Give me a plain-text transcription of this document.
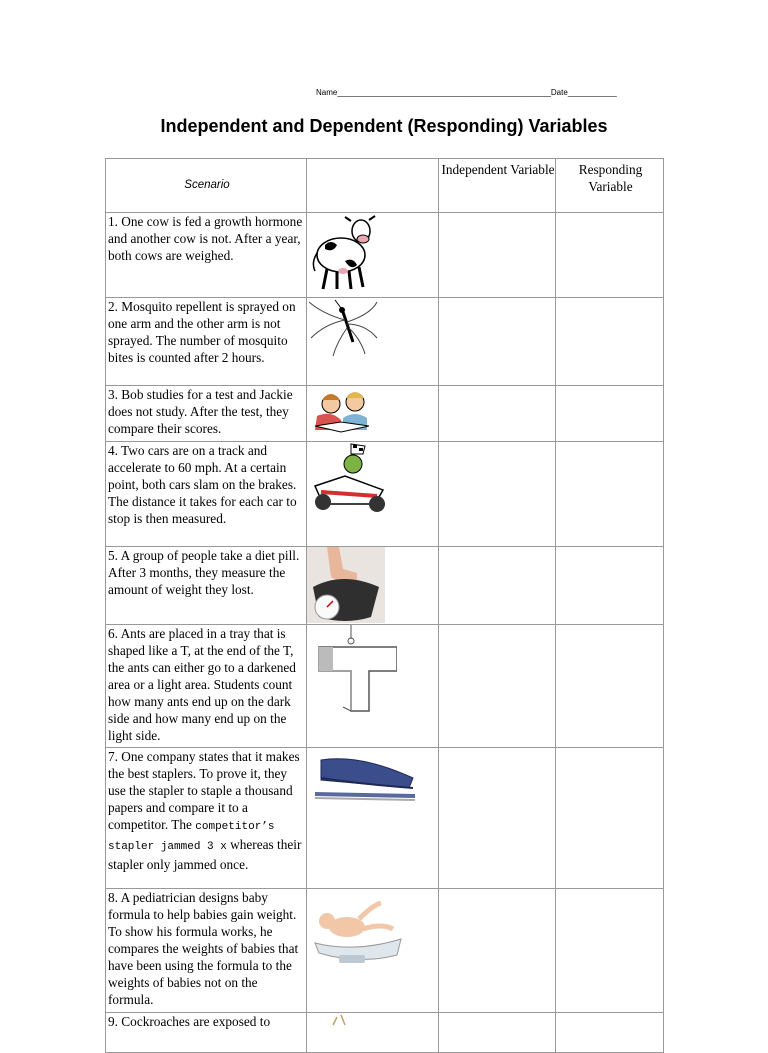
Name________________________________________________Date___________
Independent and Dependent (Responding) Variables
Scenario		Independent Variable	Responding Variable
1. One cow is fed a growth hormone and another cow is not. After a year, both cows are weighed.	

2. Mosquito repellent is sprayed on one arm and the other arm is not sprayed. The number of mosquito bites is counted after 2 hours.	

3. Bob studies for a test and Jackie does not study. After the test, they compare their scores.	

4. Two cars are on a track and accelerate to 60 mph. At a certain point, both cars slam on the brakes. The distance it takes for each car to stop is then measured.	

5. A group of people take a diet pill. After 3 months, they measure the amount of weight they lost.	

6. Ants are placed in a tray that is shaped like a T, at the end of the T, the ants can either go to a darkened area or a light area. Students count how many ants end up on the dark side and how many end up on the light side.	

7. One company states that it makes the best staplers. To prove it, they use the stapler to staple a thousand papers and compare it to a competitor. The competitor’s stapler jammed 3 x whereas their stapler only jammed once.	

8. A pediatrician designs baby formula to help babies gain weight. To show his formula works, he compares the weights of babies that have been using the formula to the weights of babies not on the formula.	

9. Cockroaches are exposed to	
